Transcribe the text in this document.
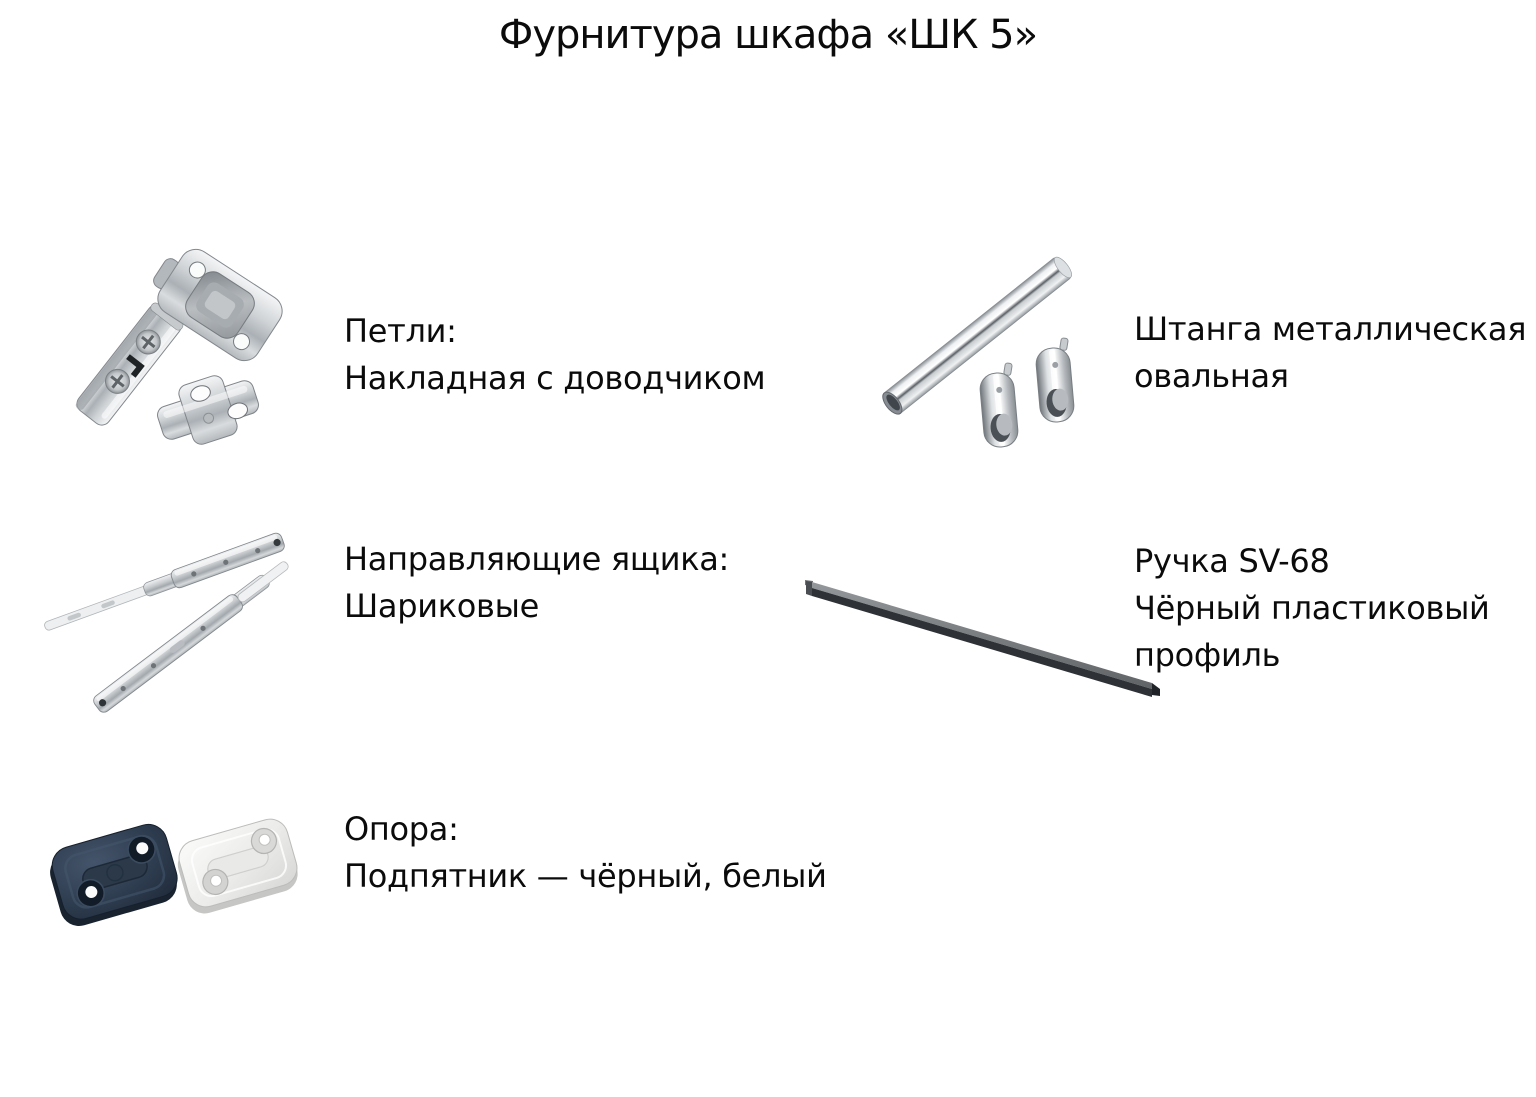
Фурнитура шкафа «ШК 5»
Петли:
Накладная с доводчиком
Штанга металлическая
овальная
Направляющие ящика:
Шариковые
Ручка SV-68
Чёрный пластиковый
профиль
Опора:
Подпятник — чёрный, белый
